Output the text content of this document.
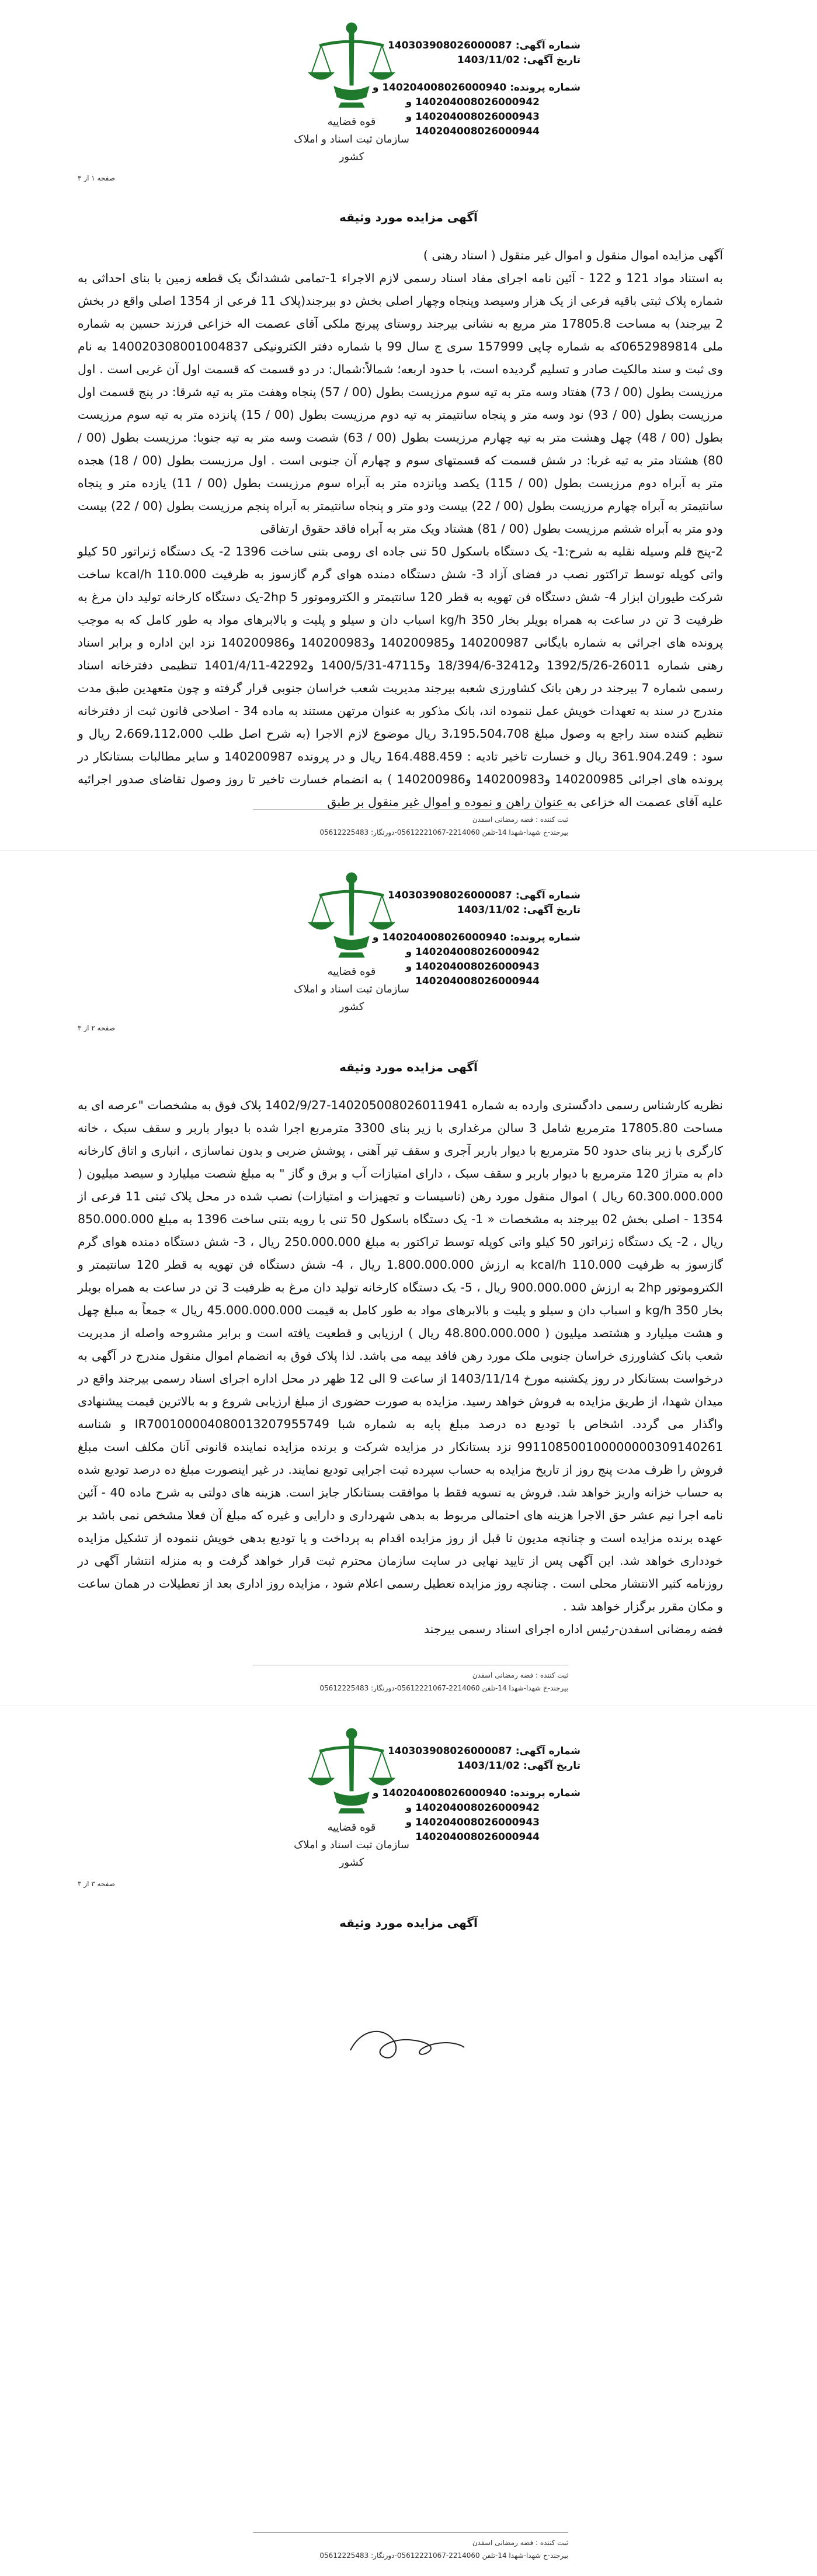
قوه قضاییه
سازمان ثبت اسناد و املاک کشور
شماره آگهی: 140303908026000087
تاریخ آگهی: 1403/11/02
شماره پرونده: 140204008026000940 و
140204008026000942 و
140204008026000943 و
140204008026000944
صفحه ۱ از ۳
آگهی مزایده مورد وثیقه
آگهی مزایده اموال منقول و اموال غیر منقول ( اسناد رهنی )
به استناد مواد 121 و 122 - آئین نامه اجرای مفاد اسناد رسمی لازم الاجراء 1-تمامی ششدانگ یک قطعه زمین با بنای احداثی به شماره پلاک ثبتی باقیه فرعی از یک هزار وسیصد وپنجاه وچهار اصلی بخش دو بیرجند(پلاک 11 فرعی از 1354 اصلی واقع در بخش 2 بیرجند) به مساحت 17805.8 متر مربع به نشانی بیرجند روستای پیرنج ملکی آقای عصمت اله خزاعی فرزند حسین به شماره ملی 0652989814که به شماره چاپی 157999 سری ج سال 99 با شماره دفتر الکترونیکی 140020308001004837 به نام وی ثبت و سند مالکیت صادر و تسلیم گردیده است، با حدود اربعه؛ شمالاً:شمال: در دو قسمت که قسمت اول آن غربی است . اول مرزیست بطول (00 / 73) هفتاد وسه متر به تیه سوم مرزیست بطول (00 / 57) پنجاه وهفت متر به تیه شرقا: در پنج قسمت اول مرزیست بطول (00 / 93) نود وسه متر و پنجاه سانتیمتر به تیه دوم مرزیست بطول (00 / 15) پانزده متر به تیه سوم مرزیست بطول (00 / 48) چهل وهشت متر به تیه چهارم مرزیست بطول (00 / 63) شصت وسه متر به تیه جنوبا: مرزیست بطول (00 / 80) هشتاد متر به تیه غربا: در شش قسمت که قسمتهای سوم و چهارم آن جنوبی است . اول مرزیست بطول (00 / 18) هجده متر به آبراه دوم مرزیست بطول (00 / 115) یکصد وپانزده متر به آبراه سوم مرزیست بطول (00 / 11) یازده متر و پنجاه سانتیمتر به آبراه چهارم مرزیست بطول (00 / 22) بیست ودو متر و پنجاه سانتیمتر به آبراه پنجم مرزیست بطول (00 / 22) بیست ودو متر به آبراه ششم مرزیست بطول (00 / 81) هشتاد ویک متر به آبراه فاقد حقوق ارتفاقی
2-پنج قلم وسیله نقلیه به شرح:1- یک دستگاه باسکول 50 تنی جاده ای رومی بتنی ساخت 1396 2- یک دستگاه ژنراتور 50 کیلو واتی کوپله توسط تراکتور نصب در فضای آزاد 3- شش دستگاه دمنده هوای گرم گازسوز به ظرفیت 110.000 kcal/h ساخت شرکت طیوران ابزار 4- شش دستگاه فن تهویه به قطر 120 سانتیمتر و الکتروموتور 2hp 5-یک دستگاه کارخانه تولید دان مرغ به ظرفیت 3 تن در ساعت به همراه بویلر بخار 350 kg/h اسباب دان و سیلو و پلیت و بالابرهای مواد به طور کامل که به موجب پرونده های اجرائی به شماره بایگانی 140200987 و140200985 و140200983 و140200986 نزد این اداره و برابر اسناد رهنی شماره 26011-1392/5/26 و32412-18/394/6 و47115-1400/5/31 و42292-1401/4/11 تنظیمی دفترخانه اسناد رسمی شماره 7 بیرجند در رهن بانک کشاورزی شعبه بیرجند مدیریت شعب خراسان جنوبی قرار گرفته و چون متعهدین طبق مدت مندرج در سند به تعهدات خویش عمل ننموده اند، بانک مذکور به عنوان مرتهن مستند به ماده 34 - اصلاحی قانون ثبت از دفترخانه تنظیم کننده سند راجع به وصول مبلغ 3،195،504،708 ریال موضوع لازم الاجرا (به شرح اصل طلب 2،669،112،000 ریال و سود : 361.904.249 ریال و خسارت تاخیر تادیه : 164.488.459 ریال و در پرونده 140200987 و سایر مطالبات بستانکار در پرونده های اجرائی 140200985 و140200983 و140200986 ) به انضمام خسارت تاخیر تا روز وصول تقاضای صدور اجرائیه علیه آقای عصمت اله خزاعی به عنوان راهن و نموده و اموال غیر منقول بر طبق
ثبت کننده : فضه رمضانی اسفدن
بیرجند-خ شهدا-شهدا 14-تلفن 2214060-05612221067-دورنگار: 05612225483
قوه قضاییه
سازمان ثبت اسناد و املاک کشور
شماره آگهی: 140303908026000087
تاریخ آگهی: 1403/11/02
شماره پرونده: 140204008026000940 و
140204008026000942 و
140204008026000943 و
140204008026000944
صفحه ۲ از ۳
آگهی مزایده مورد وثیقه
نظریه کارشناس رسمی دادگستری وارده به شماره 140205008026011941-1402/9/27 پلاک فوق به مشخصات "عرصه ای به مساحت 17805.80 مترمربع شامل 3 سالن مرغداری با زیر بنای 3300 مترمربع اجرا شده با دیوار باربر و سقف سبک ، خانه کارگری با زیر بنای حدود 50 مترمربع با دیوار باربر آجری و سقف تیر آهنی ، پوشش ضربی و بدون نماسازی ، انباری و اتاق کارخانه دام به متراژ 120 مترمربع با دیوار باربر و سقف سبک ، دارای امتیازات آب و برق و گاز " به مبلغ شصت میلیارد و سیصد میلیون ( 60.300.000.000 ریال ) اموال منقول مورد رهن (تاسیسات و تجهیزات و امتیازات) نصب شده در محل پلاک ثبتی 11 فرعی از 1354 - اصلی بخش 02 بیرجند به مشخصات « 1- یک دستگاه باسکول 50 تنی با رویه بتنی ساخت 1396 به مبلغ 850.000.000 ریال ، 2- یک دستگاه ژنراتور 50 کیلو واتی کوپله توسط تراکتور به مبلغ 250.000.000 ریال ، 3- شش دستگاه دمنده هوای گرم گازسوز به ظرفیت 110.000 kcal/h به ارزش 1.800.000.000 ریال ، 4- شش دستگاه فن تهویه به قطر 120 سانتیمتر و الکتروموتور 2hp به ارزش 900.000.000 ریال ، 5- یک دستگاه کارخانه تولید دان مرغ به ظرفیت 3 تن در ساعت به همراه بویلر بخار 350 kg/h و اسباب دان و سیلو و پلیت و بالابرهای مواد به طور کامل به قیمت 45.000.000.000 ریال » جمعاً به مبلغ چهل و هشت میلیارد و هشتصد میلیون ( 48.800.000.000 ریال ) ارزیابی و قطعیت یافته است و برابر مشروحه واصله از مدیریت شعب بانک کشاورزی خراسان جنوبی ملک مورد رهن فاقد بیمه می باشد. لذا پلاک فوق به انضمام اموال منقول مندرج در آگهی به درخواست بستانکار در روز یکشنبه مورخ 1403/11/14 از ساعت 9 الی 12 ظهر در محل اداره اجرای اسناد رسمی بیرجند واقع در میدان شهدا، از طریق مزایده به فروش خواهد رسید. مزایده به صورت حضوری از مبلغ ارزیابی شروع و به بالاترین قیمت پیشنهادی واگذار می گردد. اشخاص با تودیع ده درصد مبلغ پایه به شماره شبا IR700100004080013207955749 و شناسه 991108500100000000309140261 نزد بستانکار در مزایده شرکت و برنده مزایده نماینده قانونی آنان مکلف است مبلغ فروش را ظرف مدت پنج روز از تاریخ مزایده به حساب سپرده ثبت اجرایی تودیع نمایند. در غیر اینصورت مبلغ ده درصد تودیع شده به حساب خزانه واریز خواهد شد. فروش به تسویه فقط با موافقت بستانکار جایز است. هزینه های دولتی به شرح ماده 40 - آئین نامه اجرا نیم عشر حق الاجرا هزینه های احتمالی مربوط به بدهی شهرداری و دارایی و غیره که مبلغ آن فعلا مشخص نمی باشد بر عهده برنده مزایده است و چنانچه مدیون تا قبل از روز مزایده اقدام به پرداخت و یا تودیع بدهی خویش ننموده از تشکیل مزایده خودداری خواهد شد. این آگهی پس از تایید نهایی در سایت سازمان محترم ثبت قرار خواهد گرفت و به منزله انتشار آگهی در روزنامه کثیر الانتشار محلی است . چنانچه روز مزایده تعطیل رسمی اعلام شود ، مزایده روز اداری بعد از تعطیلات در همان ساعت و مکان مقرر برگزار خواهد شد .
فضه رمضانی اسفدن-رئیس اداره اجرای اسناد رسمی بیرجند
ثبت کننده : فضه رمضانی اسفدن
بیرجند-خ شهدا-شهدا 14-تلفن 2214060-05612221067-دورنگار: 05612225483
قوه قضاییه
سازمان ثبت اسناد و املاک کشور
شماره آگهی: 140303908026000087
تاریخ آگهی: 1403/11/02
شماره پرونده: 140204008026000940 و
140204008026000942 و
140204008026000943 و
140204008026000944
صفحه ۳ از ۳
آگهی مزایده مورد وثیقه
ثبت کننده : فضه رمضانی اسفدن
بیرجند-خ شهدا-شهدا 14-تلفن 2214060-05612221067-دورنگار: 05612225483
